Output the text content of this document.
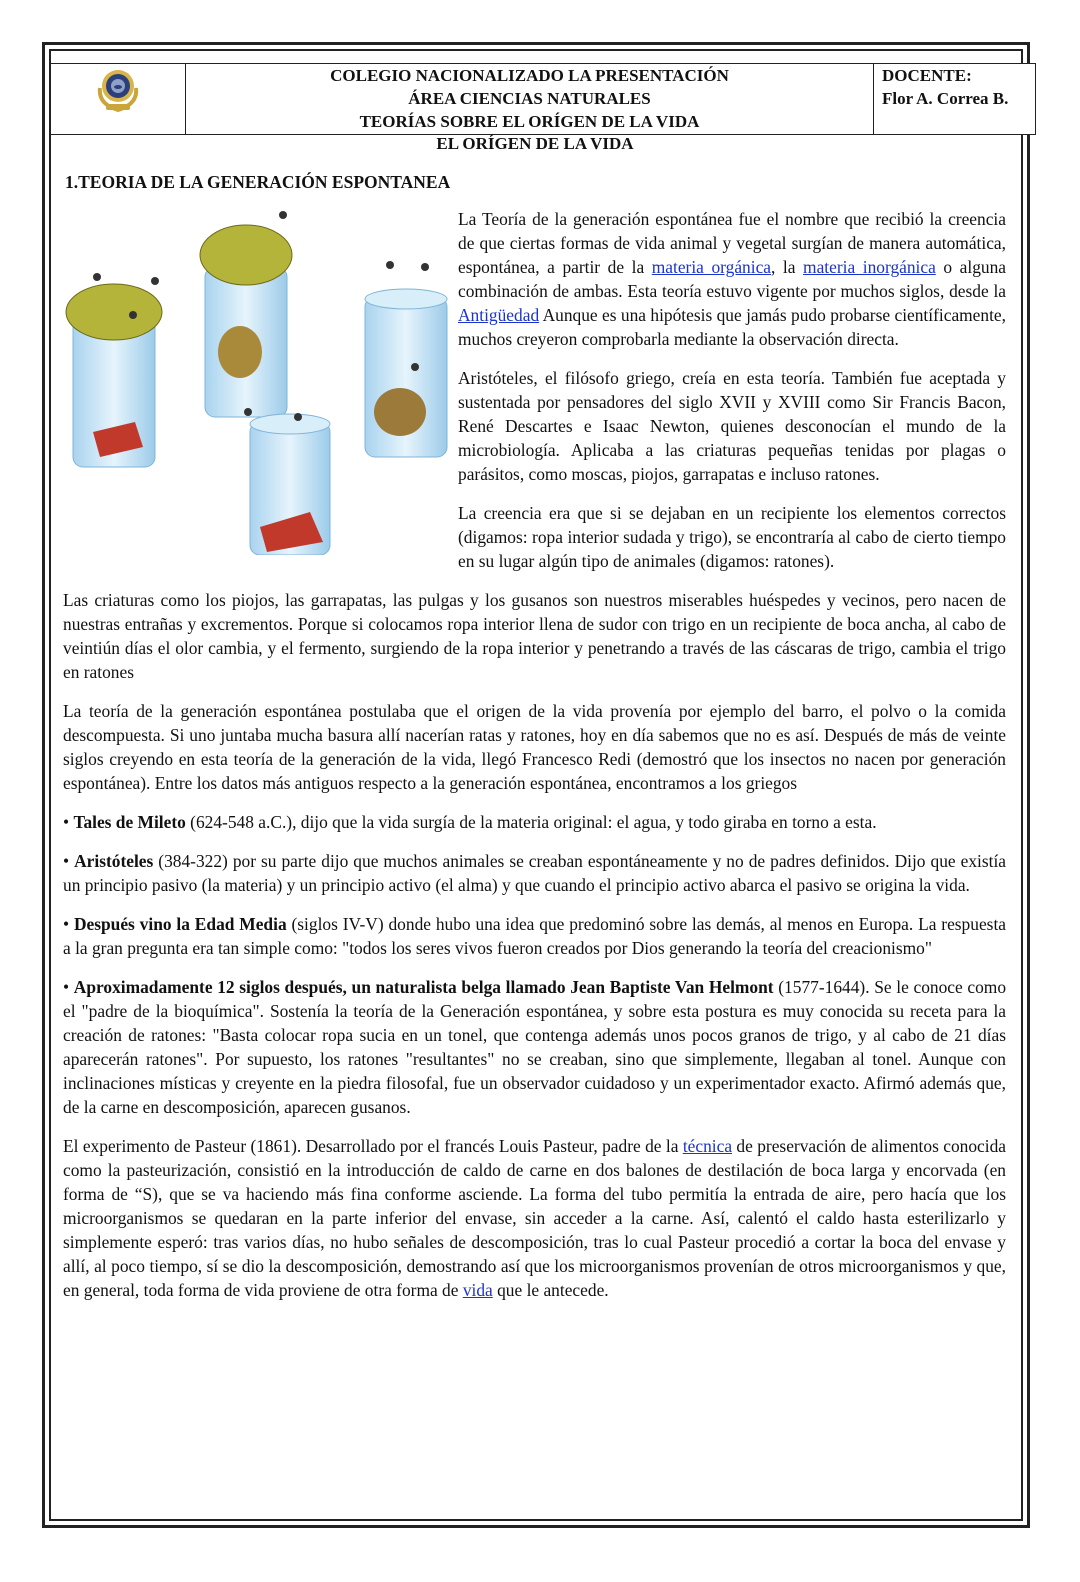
COLEGIO NACIONALIZADO LA PRESENTACIÓN
ÁREA CIENCIAS NATURALES
TEORÍAS SOBRE EL ORÍGEN DE LA VIDA
DOCENTE:
Flor A. Correa B.
EL ORÍGEN DE LA VIDA
1.TEORIA DE LA GENERACIÓN ESPONTANEA

La Teoría de la generación espontánea fue el nombre que recibió la creencia de que ciertas formas de vida animal y vegetal surgían de manera automática, espontánea, a partir de la materia orgánica, la materia inorgánica o alguna combinación de ambas. Esta teoría estuvo vigente por muchos siglos, desde la Antigüedad Aunque es una hipótesis que jamás pudo probarse científicamente, muchos creyeron comprobarla mediante la observación directa.

Aristóteles, el filósofo griego, creía en esta teoría. También fue aceptada y sustentada por pensadores del siglo XVII y XVIII como Sir Francis Bacon, René Descartes e Isaac Newton, quienes desconocían el mundo de la microbiología. Aplicaba a las criaturas pequeñas tenidas por plagas o parásitos, como moscas, piojos, garrapatas e incluso ratones.

La creencia era que si se dejaban en un recipiente los elementos correctos (digamos: ropa interior sudada y trigo), se encontraría al cabo de cierto tiempo en su lugar algún tipo de animales (digamos: ratones).

Las criaturas como los piojos, las garrapatas, las pulgas y los gusanos son nuestros miserables huéspedes y vecinos, pero nacen de nuestras entrañas y excrementos. Porque si colocamos ropa interior llena de sudor con trigo en un recipiente de boca ancha, al cabo de veintiún días el olor cambia, y el fermento, surgiendo de la ropa interior y penetrando a través de las cáscaras de trigo, cambia el trigo en ratones

La teoría de la generación espontánea postulaba que el origen de la vida provenía por ejemplo del barro, el polvo o la comida descompuesta. Si uno juntaba mucha basura allí nacerían ratas y ratones, hoy en día sabemos que no es así. Después de más de veinte siglos creyendo en esta teoría de la generación de la vida, llegó Francesco Redi (demostró que los insectos no nacen por generación espontánea). Entre los datos más antiguos respecto a la generación espontánea, encontramos a los griegos

• Tales de Mileto (624-548 a.C.), dijo que la vida surgía de la materia original: el agua, y todo giraba en torno a esta.

• Aristóteles (384-322) por su parte dijo que muchos animales se creaban espontáneamente y no de padres definidos. Dijo que existía un principio pasivo (la materia) y un principio activo (el alma) y que cuando el principio activo abarca el pasivo se origina la vida.

• Después vino la Edad Media (siglos IV-V) donde hubo una idea que predominó sobre las demás, al menos en Europa. La respuesta a la gran pregunta era tan simple como: "todos los seres vivos fueron creados por Dios generando la teoría del creacionismo"

• Aproximadamente 12 siglos después, un naturalista belga llamado Jean Baptiste Van Helmont (1577-1644). Se le conoce como el "padre de la bioquímica". Sostenía la teoría de la Generación espontánea, y sobre esta postura es muy conocida su receta para la creación de ratones: "Basta colocar ropa sucia en un tonel, que contenga además unos pocos granos de trigo, y al cabo de 21 días aparecerán ratones". Por supuesto, los ratones "resultantes" no se creaban, sino que simplemente, llegaban al tonel. Aunque con inclinaciones místicas y creyente en la piedra filosofal, fue un observador cuidadoso y un experimentador exacto. Afirmó además que, de la carne en descomposición, aparecen gusanos.

El experimento de Pasteur (1861). Desarrollado por el francés Louis Pasteur, padre de la técnica de preservación de alimentos conocida como la pasteurización, consistió en la introducción de caldo de carne en dos balones de destilación de boca larga y encorvada (en forma de “S), que se va haciendo más fina conforme asciende. La forma del tubo permitía la entrada de aire, pero hacía que los microorganismos se quedaran en la parte inferior del envase, sin acceder a la carne. Así, calentó el caldo hasta esterilizarlo y simplemente esperó: tras varios días, no hubo señales de descomposición, tras lo cual Pasteur procedió a cortar la boca del envase y allí, al poco tiempo, sí se dio la descomposición, demostrando así que los microorganismos provenían de otros microorganismos y que, en general, toda forma de vida proviene de otra forma de vida que le antecede.
